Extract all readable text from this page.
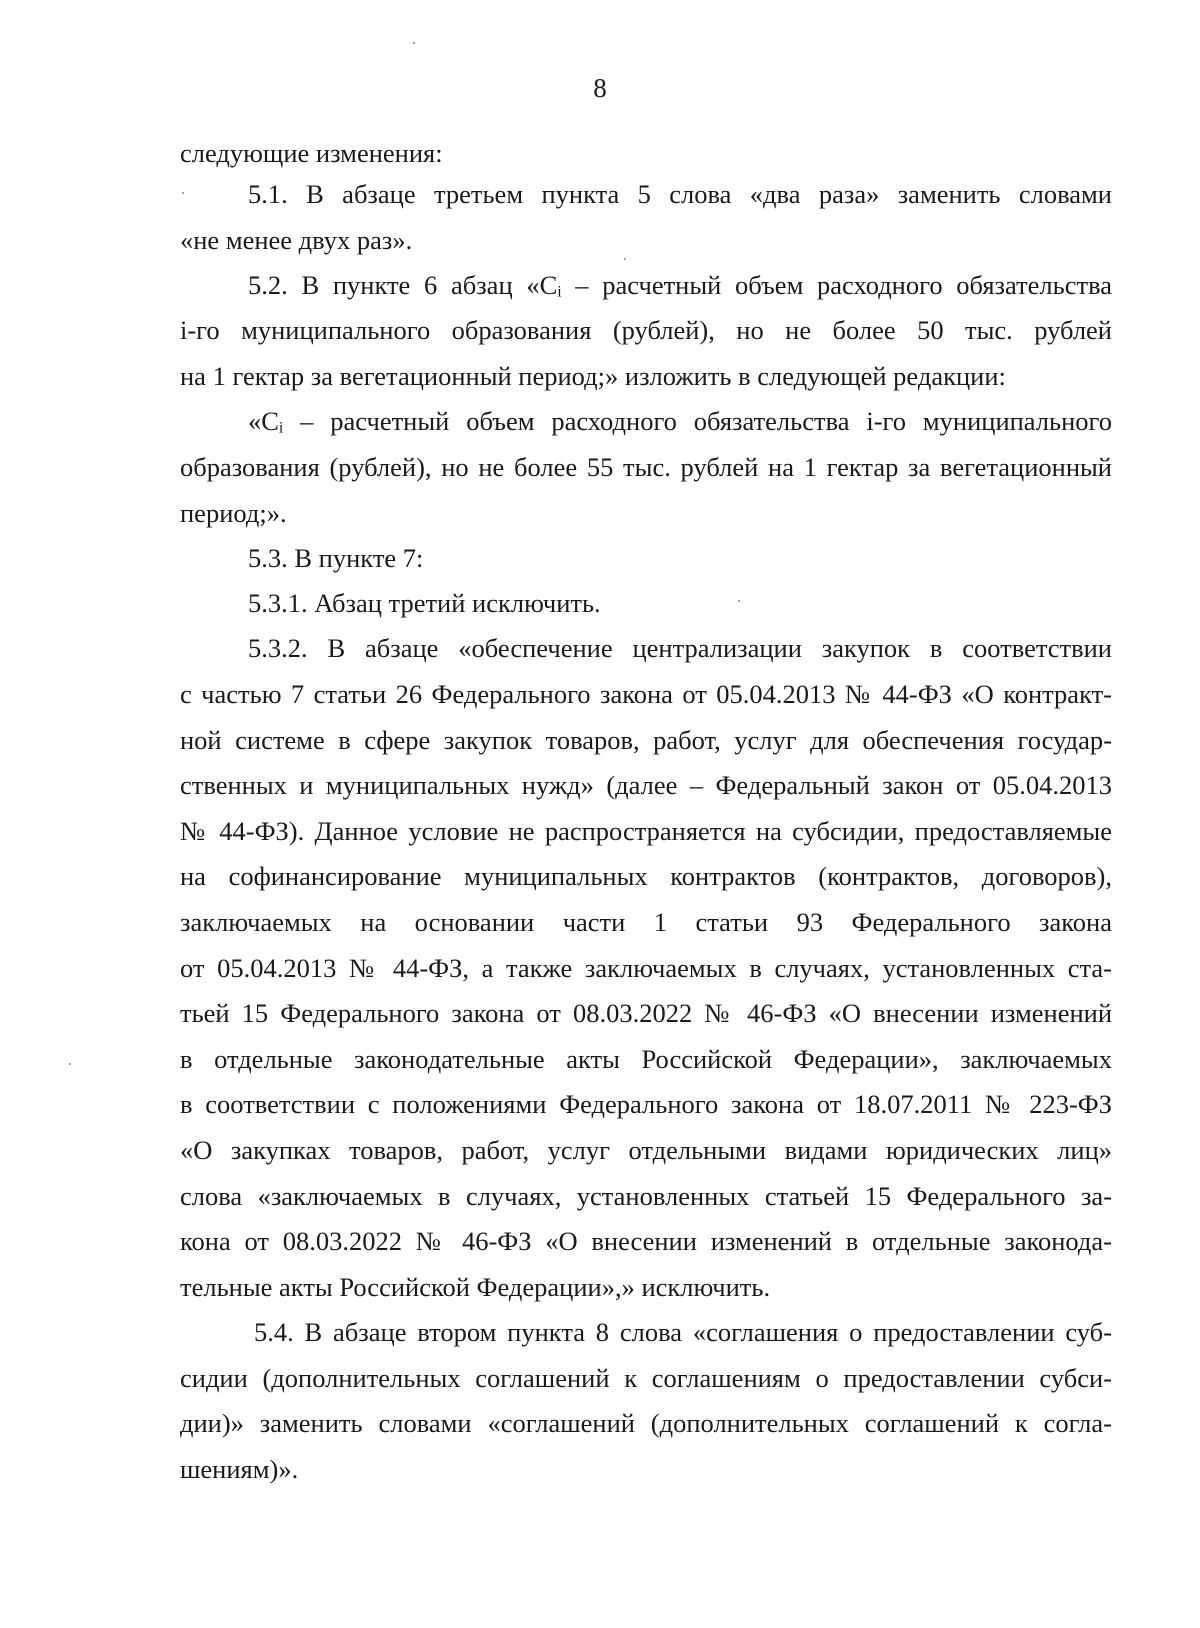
8
следующие изменения:
5.1. В абзаце третьем пункта 5 слова «два раза» заменить словами
«не менее двух раз».
5.2. В пункте 6 абзац «Cᵢ – расчетный объем расходного обязательства
i-го муниципального образования (рублей), но не более 50 тыс. рублей
на 1 гектар за вегетационный период;» изложить в следующей редакции:
«Cᵢ – расчетный объем расходного обязательства i-го муниципального
образования (рублей), но не более 55 тыс. рублей на 1 гектар за вегетационный
период;».
5.3. В пункте 7:
5.3.1. Абзац третий исключить.
5.3.2. В абзаце «обеспечение централизации закупок в соответствии
с частью 7 статьи 26 Федерального закона от 05.04.2013 № 44-ФЗ «О контракт-
ной системе в сфере закупок товаров, работ, услуг для обеспечения государ-
ственных и муниципальных нужд» (далее – Федеральный закон от 05.04.2013
№ 44-ФЗ). Данное условие не распространяется на субсидии, предоставляемые
на софинансирование муниципальных контрактов (контрактов, договоров),
заключаемых на основании части 1 статьи 93 Федерального закона
от 05.04.2013 № 44-ФЗ, а также заключаемых в случаях, установленных ста-
тьей 15 Федерального закона от 08.03.2022 № 46-ФЗ «О внесении изменений
в отдельные законодательные акты Российской Федерации», заключаемых
в соответствии с положениями Федерального закона от 18.07.2011 № 223-ФЗ
«О закупках товаров, работ, услуг отдельными видами юридических лиц»
слова «заключаемых в случаях, установленных статьей 15 Федерального за-
кона от 08.03.2022 № 46-ФЗ «О внесении изменений в отдельные законода-
тельные акты Российской Федерации»,» исключить.
5.4. В абзаце втором пункта 8 слова «соглашения о предоставлении суб-
сидии (дополнительных соглашений к соглашениям о предоставлении субси-
дии)» заменить словами «соглашений (дополнительных соглашений к согла-
шениям)».
